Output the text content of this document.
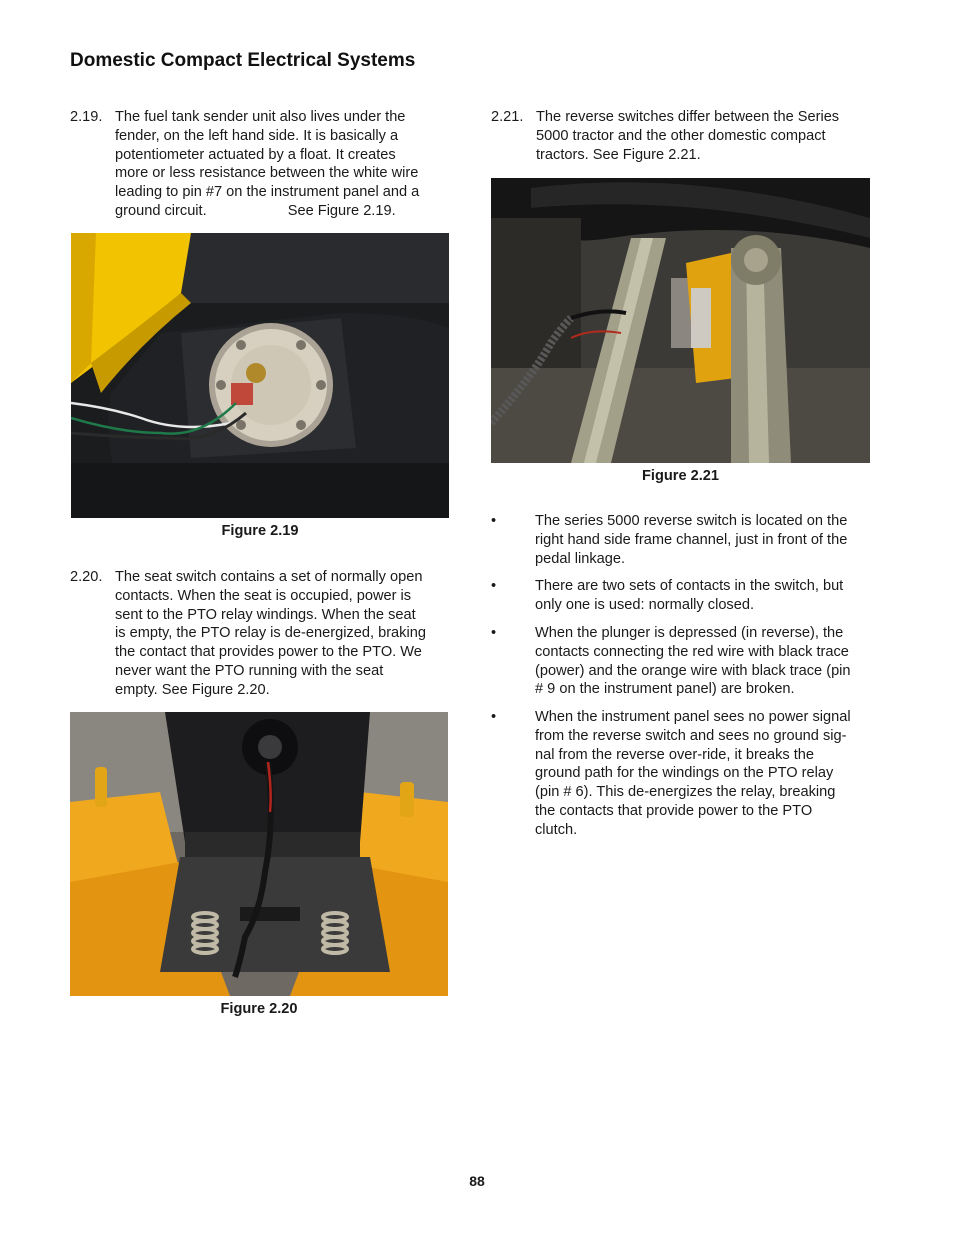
Domestic Compact Electrical Systems
2.19. The fuel tank sender unit also lives under the
fender, on the left hand side. It is basically a
potentiometer actuated by a float. It creates
more or less resistance between the white wire
leading to pin #7 on the instrument panel and a
ground circuit.                    See Figure 2.19.
Figure 2.19
2.20. The seat switch contains a set of normally open
contacts. When the seat is occupied, power is
sent to the PTO relay windings. When the seat
is empty, the PTO relay is de-energized, braking
the contact that provides power to the PTO. We
never want the PTO running with the seat
empty. See Figure 2.20.
Figure 2.20
2.21. The reverse switches differ between the Series
5000 tractor and the other domestic compact
tractors. See Figure 2.21.
Figure 2.21
•	The series 5000 reverse switch is located on the
right hand side frame channel, just in front of the
pedal linkage.
•	There are two sets of contacts in the switch, but
only one is used: normally closed.
•	When the plunger is depressed (in reverse), the
contacts connecting the red wire with black trace
(power) and the orange wire with black trace (pin
# 9 on the instrument panel) are broken.
•	When the instrument panel sees no power signal
from the reverse switch and sees no ground sig-
nal from the reverse over-ride, it breaks the
ground path for the windings on the PTO relay
(pin # 6). This de-energizes the relay, breaking
the contacts that provide power to the PTO
clutch.
88
